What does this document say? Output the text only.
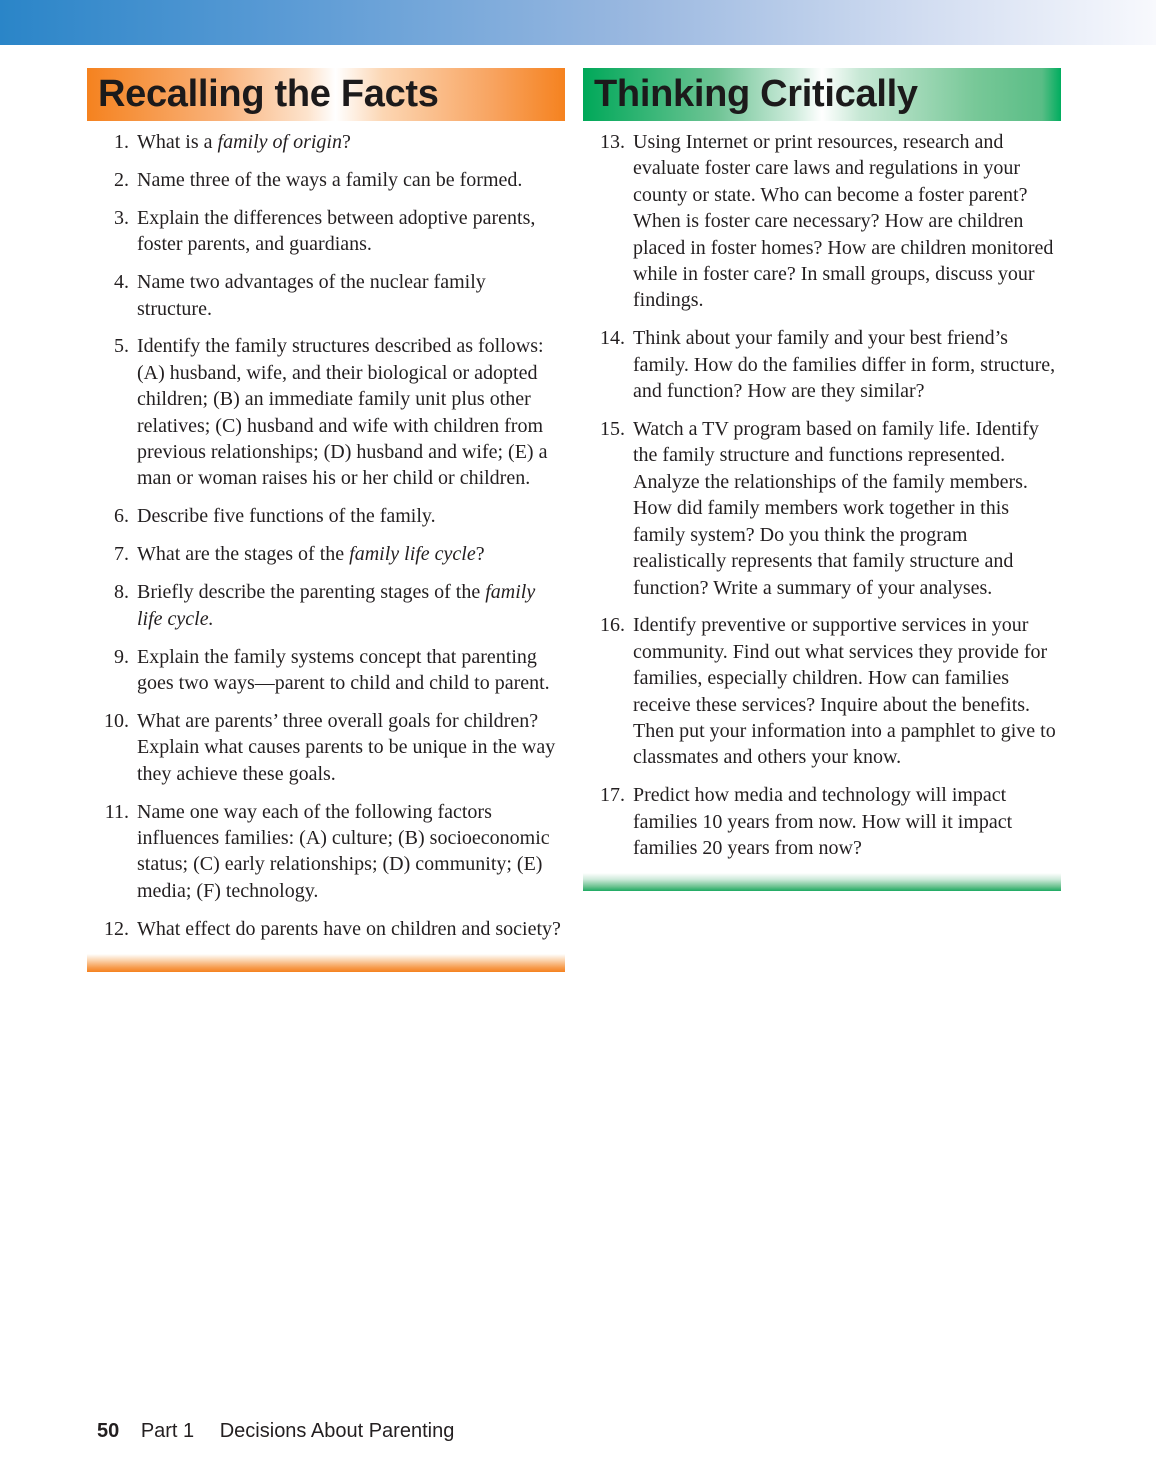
Recalling the Facts
1. What is a family of origin?
2. Name three of the ways a family can be formed.
3. Explain the differences between adoptive parents, foster parents, and guardians.
4. Name two advantages of the nuclear family structure.
5. Identify the family structures described as follows: (A) husband, wife, and their biological or adopted children; (B) an immediate family unit plus other relatives; (C) husband and wife with children from previous relationships; (D) husband and wife; (E) a man or woman raises his or her child or children.
6. Describe five functions of the family.
7. What are the stages of the family life cycle?
8. Briefly describe the parenting stages of the family life cycle.
9. Explain the family systems concept that parenting goes two ways—parent to child and child to parent.
10. What are parents’ three overall goals for children? Explain what causes parents to be unique in the way they achieve these goals.
11. Name one way each of the following factors influences families: (A) culture; (B) socioeconomic status; (C) early relationships; (D) community; (E) media; (F) technology.
12. What effect do parents have on children and society?
Thinking Critically
13. Using Internet or print resources, research and evaluate foster care laws and regulations in your county or state. Who can become a foster parent? When is foster care necessary? How are children placed in foster homes? How are children monitored while in foster care? In small groups, discuss your findings.
14. Think about your family and your best friend’s family. How do the families differ in form, structure, and function? How are they similar?
15. Watch a TV program based on family life. Identify the family structure and functions represented. Analyze the relationships of the family members. How did family members work together in this family system? Do you think the program realistically represents that family structure and function? Write a summary of your analyses.
16. Identify preventive or supportive services in your community. Find out what services they provide for families, especially children. How can families receive these services? Inquire about the benefits. Then put your information into a pamphlet to give to classmates and others your know.
17. Predict how media and technology will impact families 10 years from now. How will it impact families 20 years from now?
50 Part 1 Decisions About Parenting
